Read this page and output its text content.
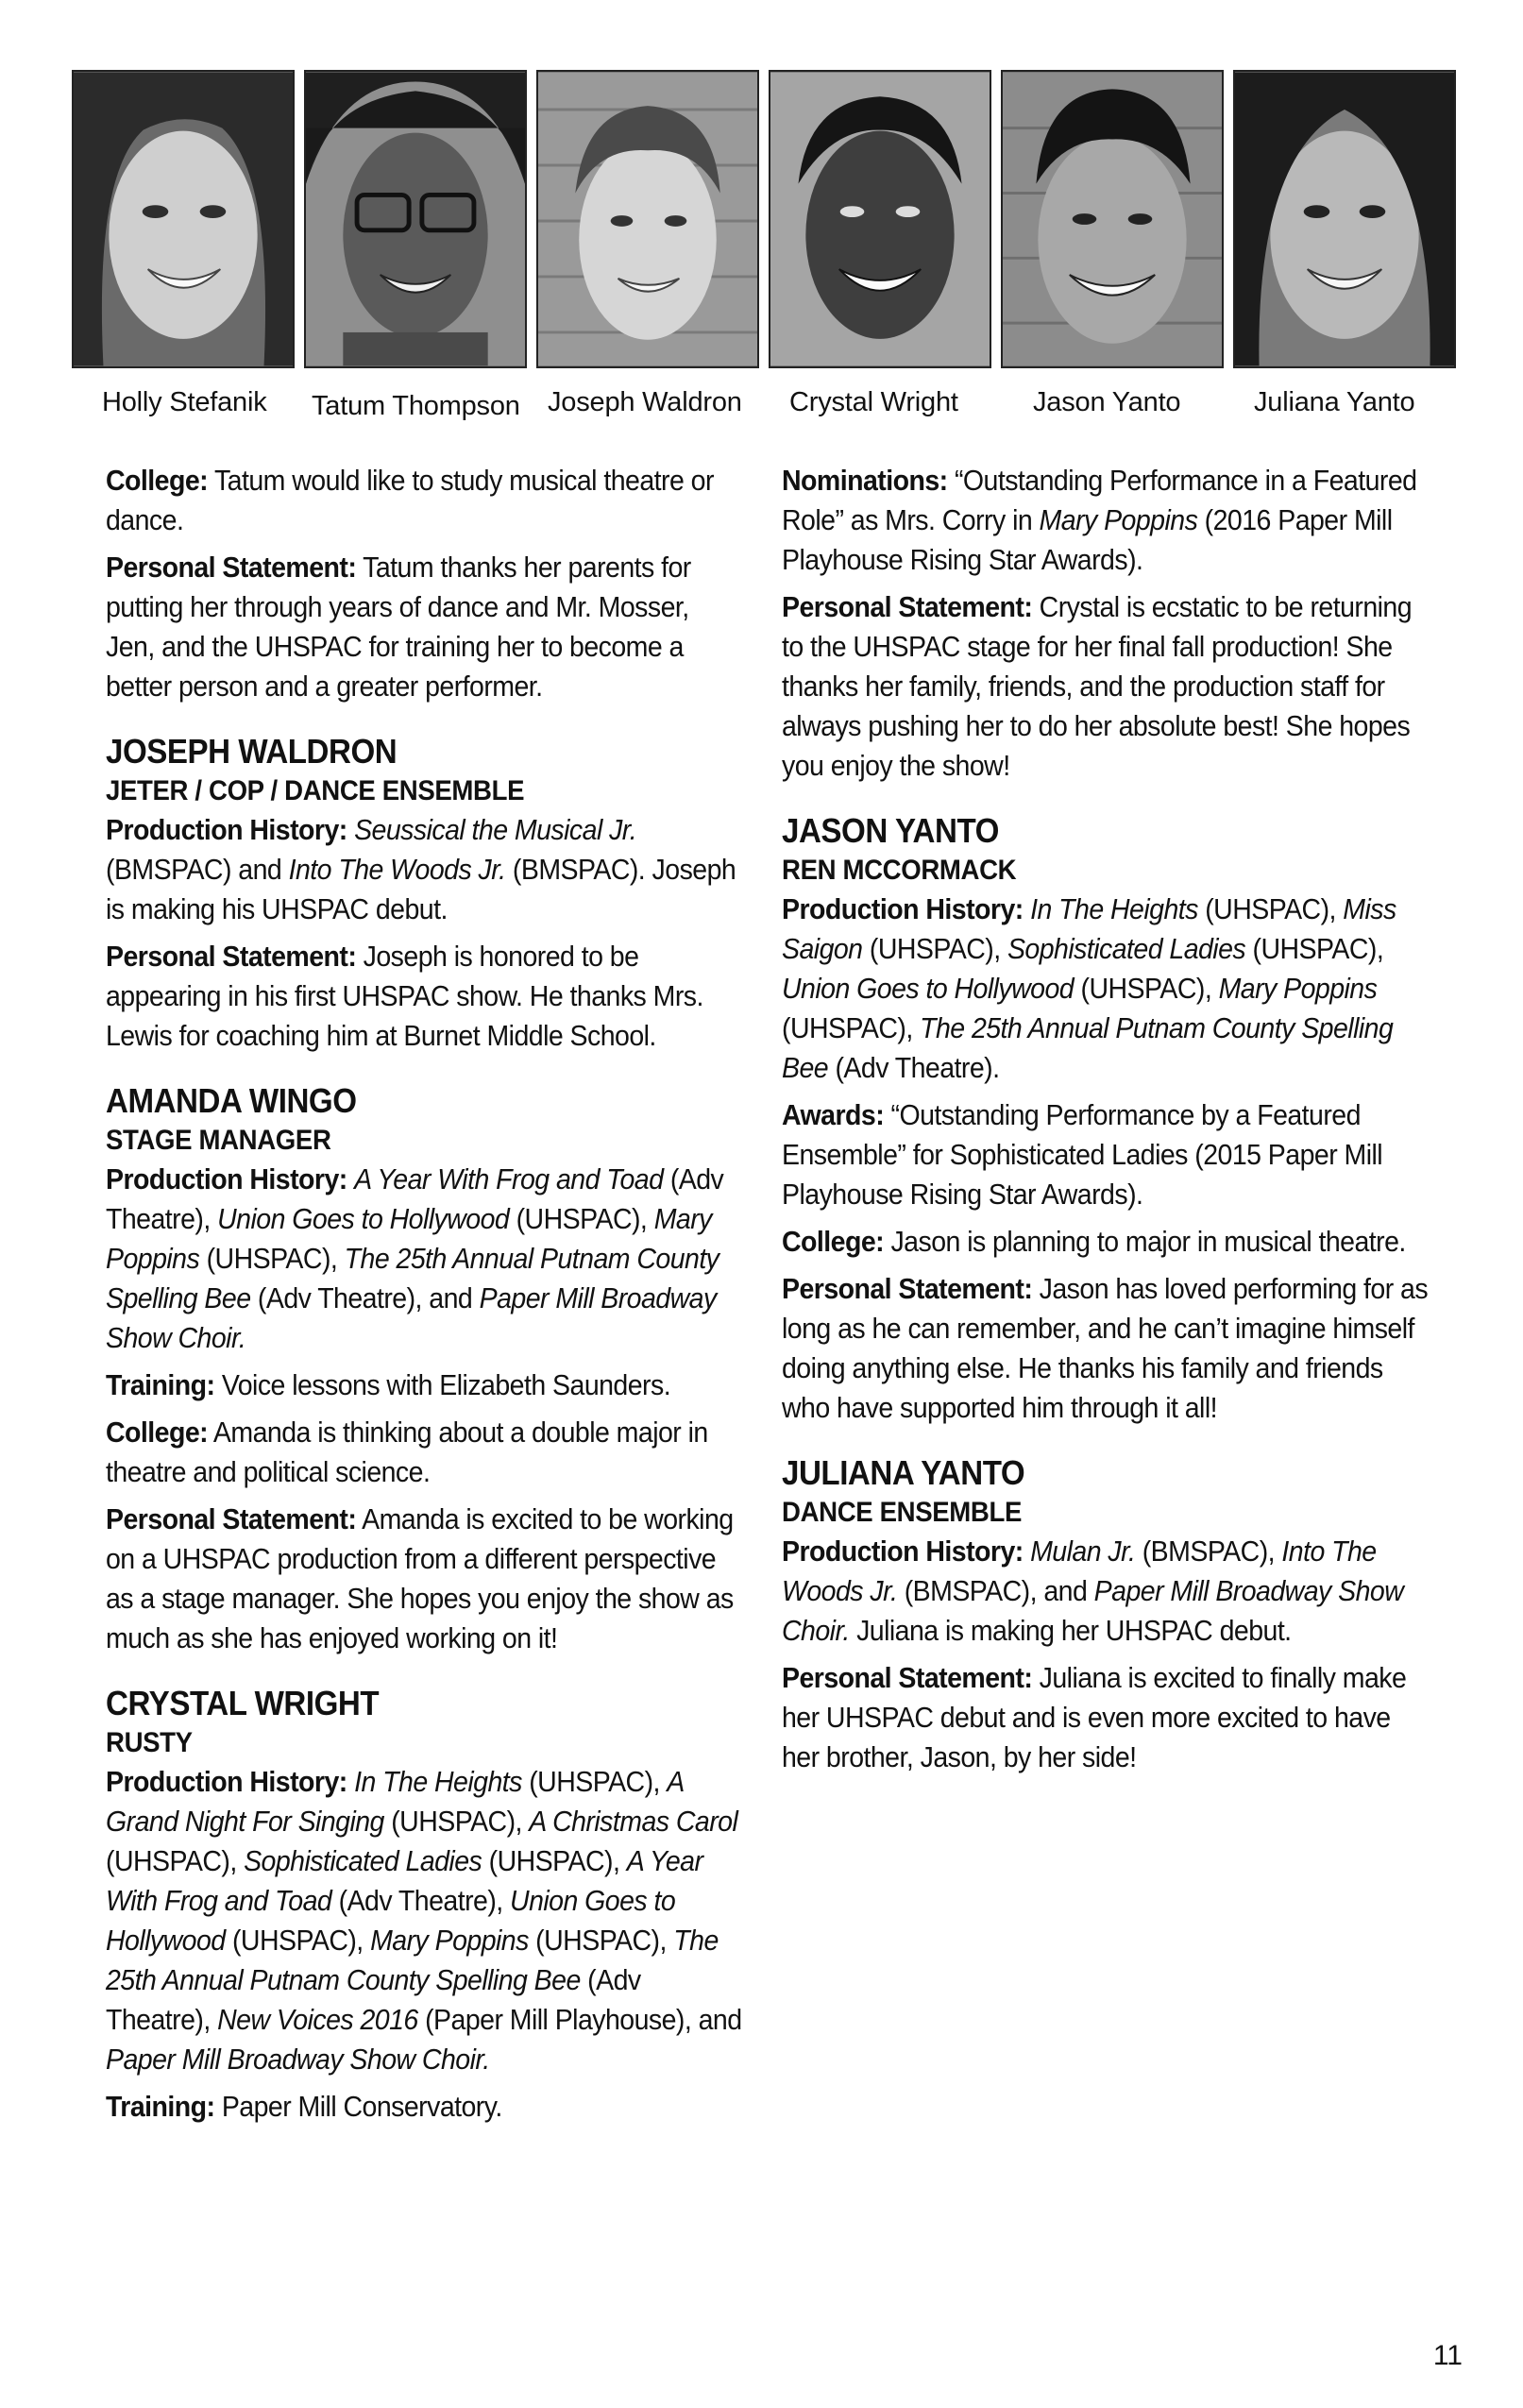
Holly Stefanik Tatum Thompson Joseph Waldron Crystal Wright	Jason Yanto	Juliana Yanto

College: Tatum would like to study musical theatre or dance.

Personal Statement: Tatum thanks her parents for putting her through years of dance and Mr. Mosser, Jen, and the UHSPAC for training her to become a better person and a greater performer.

JOSEPH WALDRON
JETER / COP / DANCE ENSEMBLE

Production History: Seussical the Musical Jr. (BMSPAC) and Into The Woods Jr. (BMSPAC). Joseph is making his UHSPAC debut.

Personal Statement: Joseph is honored to be appearing in his first UHSPAC show. He thanks Mrs. Lewis for coaching him at Burnet Middle School.

AMANDA WINGO
STAGE MANAGER

Production History: A Year With Frog and Toad (Adv Theatre), Union Goes to Hollywood (UHSPAC), Mary Poppins (UHSPAC), The 25th Annual Putnam County Spelling Bee (Adv Theatre), and Paper Mill Broadway Show Choir.

Training: Voice lessons with Elizabeth Saunders.

College: Amanda is thinking about a double major in theatre and political science.

Personal Statement: Amanda is excited to be working on a UHSPAC production from a different perspective as a stage manager. She hopes you enjoy the show as much as she has enjoyed working on it!

CRYSTAL WRIGHT
RUSTY

Production History: In The Heights (UHSPAC), A Grand Night For Singing (UHSPAC), A Christmas Carol (UHSPAC), Sophisticated Ladies (UHSPAC), A Year With Frog and Toad (Adv Theatre), Union Goes to Hollywood (UHSPAC), Mary Poppins (UHSPAC), The 25th Annual Putnam County Spelling Bee (Adv Theatre), New Voices 2016 (Paper Mill Playhouse), and Paper Mill Broadway Show Choir.

Training: Paper Mill Conservatory.

Nominations: “Outstanding Performance in a Featured Role” as Mrs. Corry in Mary Poppins (2016 Paper Mill Playhouse Rising Star Awards).

Personal Statement: Crystal is ecstatic to be returning to the UHSPAC stage for her final fall production! She thanks her family, friends, and the production staff for always pushing her to do her absolute best! She hopes you enjoy the show!

JASON YANTO
REN MCCORMACK

Production History: In The Heights (UHSPAC), Miss Saigon (UHSPAC), Sophisticated Ladies (UHSPAC), Union Goes to Hollywood (UHSPAC), Mary Poppins (UHSPAC), The 25th Annual Putnam County Spelling Bee (Adv Theatre).

Awards: “Outstanding Performance by a Featured Ensemble” for Sophisticated Ladies (2015 Paper Mill Playhouse Rising Star Awards).

College: Jason is planning to major in musical theatre.

Personal Statement: Jason has loved performing for as long as he can remember, and he can’t imagine himself doing anything else. He thanks his family and friends who have supported him through it all!

JULIANA YANTO
DANCE ENSEMBLE

Production History: Mulan Jr. (BMSPAC), Into The Woods Jr. (BMSPAC), and Paper Mill Broadway Show Choir. Juliana is making her UHSPAC debut.

Personal Statement: Juliana is excited to finally make her UHSPAC debut and is even more excited to have her brother, Jason, by her side!

11
